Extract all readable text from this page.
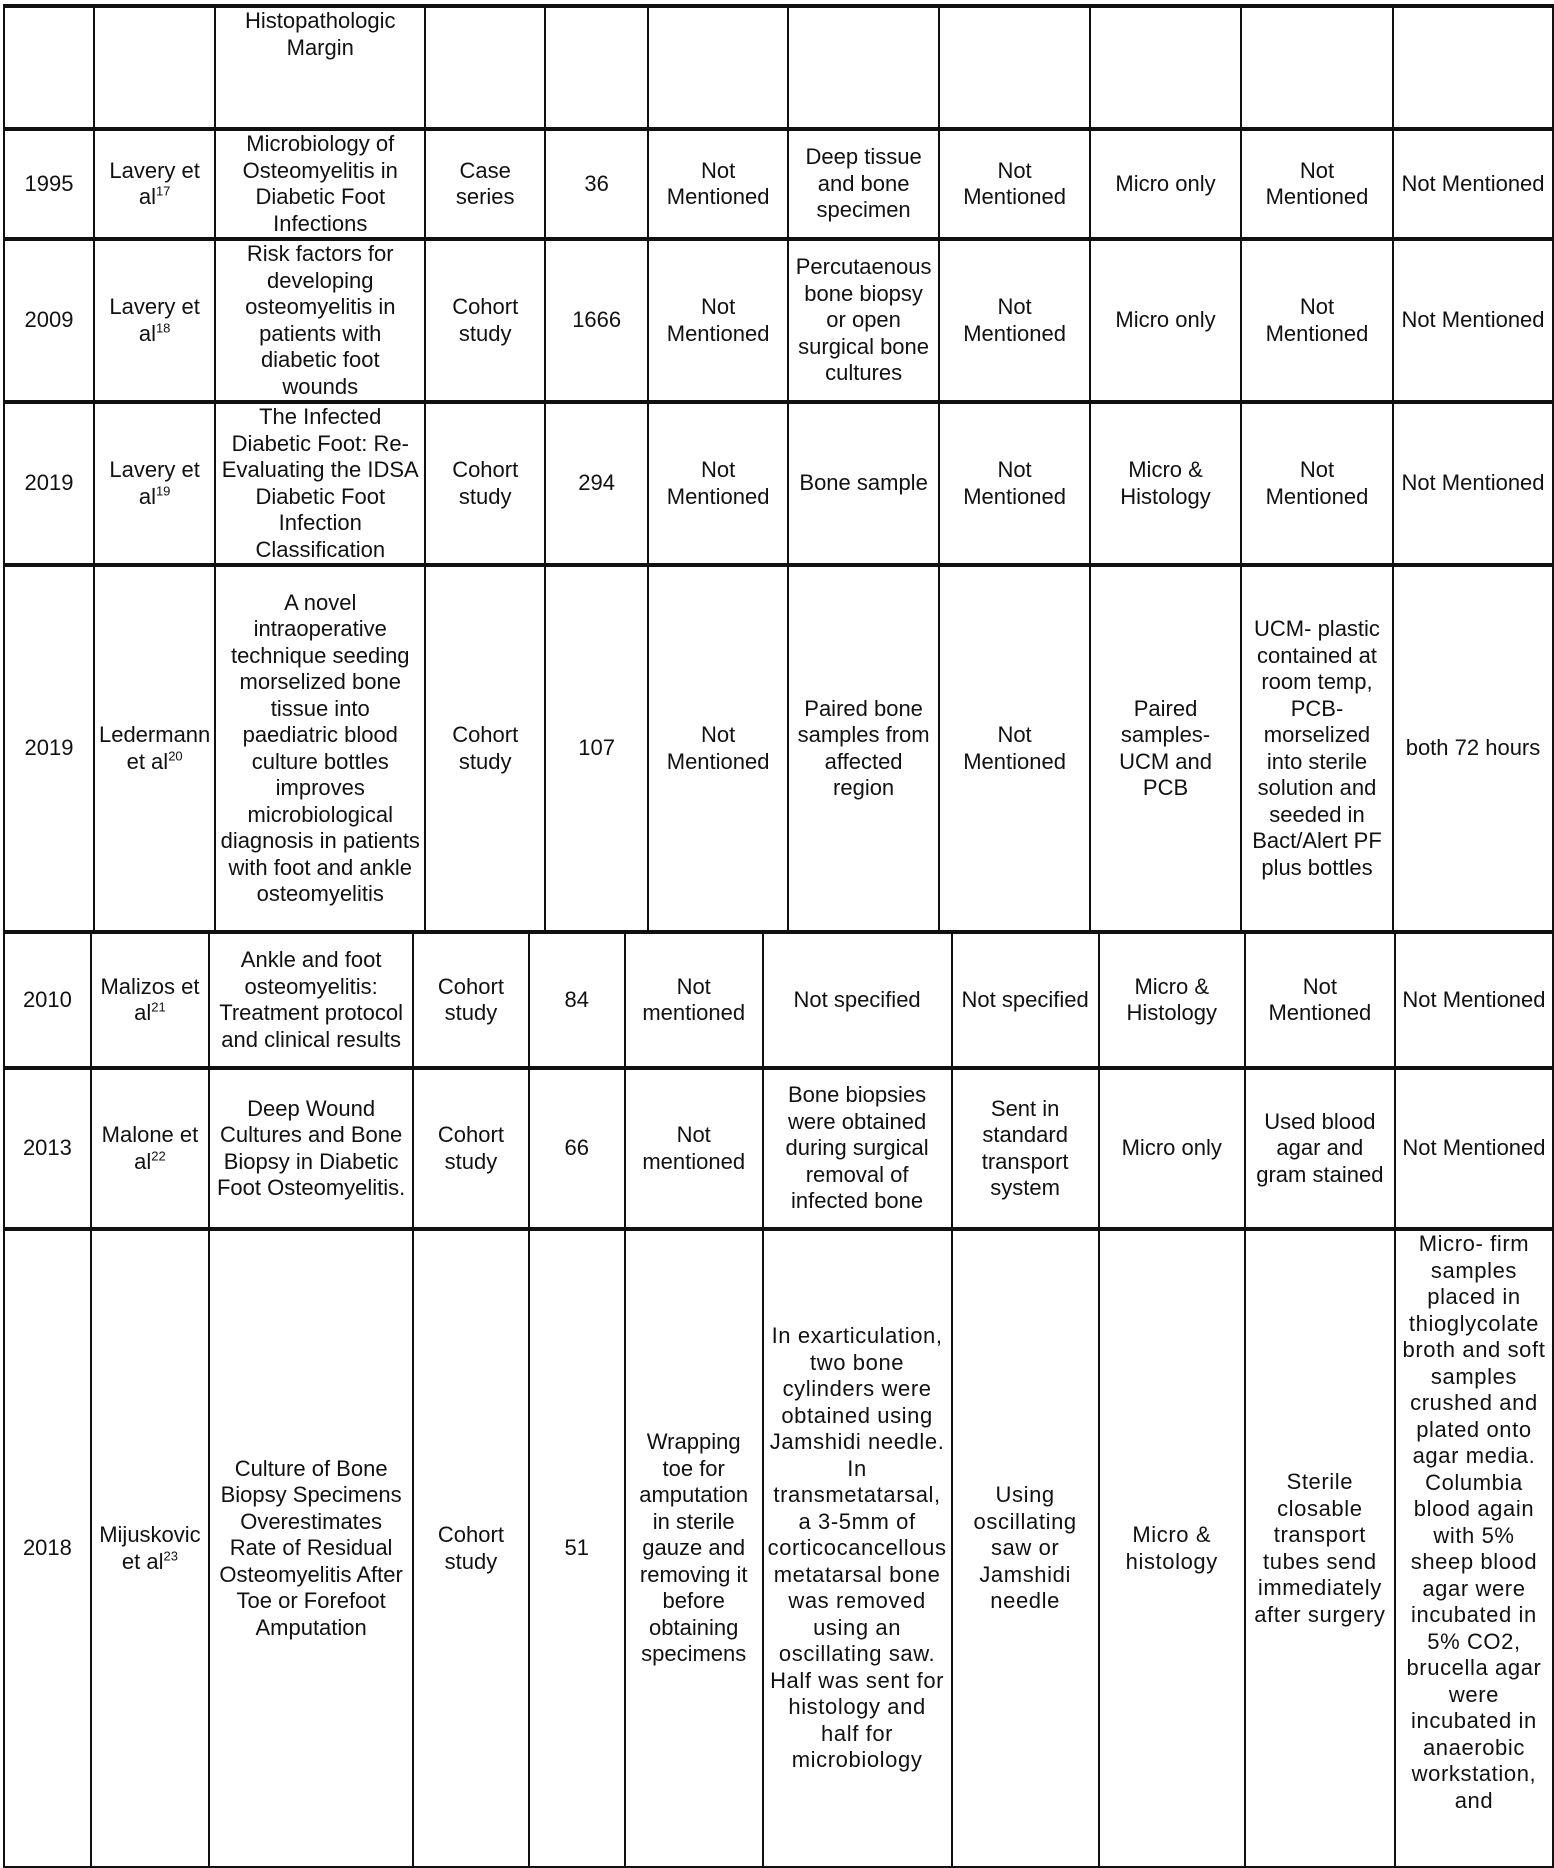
		Histopathologic Margin								
1995	Lavery et al$^{17}$	Microbiology of Osteomyelitis in Diabetic Foot Infections	Case series	36	Not Mentioned	Deep tissue and bone specimen	Not Mentioned	Micro only	Not Mentioned	Not Mentioned
2009	Lavery et al$^{18}$	Risk factors for developing osteomyelitis in patients with diabetic foot wounds	Cohort study	1666	Not Mentioned	Percutaenous bone biopsy or open surgical bone cultures	Not Mentioned	Micro only	Not Mentioned	Not Mentioned
2019	Lavery et al$^{19}$	The Infected Diabetic Foot: Re-Evaluating the IDSA Diabetic Foot Infection Classification	Cohort study	294	Not Mentioned	Bone sample	Not Mentioned	Micro & Histology	Not Mentioned	Not Mentioned
2019	Ledermann et al$^{20}$	A novel intraoperative technique seeding morselized bone tissue into paediatric blood culture bottles improves microbiological diagnosis in patients with foot and ankle osteomyelitis	Cohort study	107	Not Mentioned	Paired bone samples from affected region	Not Mentioned	Paired samples- UCM and PCB	UCM- plastic contained at room temp, PCB- morselized into sterile solution and seeded in Bact/Alert PF plus bottles	both 72 hours
2010	Malizos et al$^{21}$	Ankle and foot osteomyelitis: Treatment protocol and clinical results	Cohort study	84	Not mentioned	Not specified	Not specified	Micro & Histology	Not Mentioned	Not Mentioned
2013	Malone et al$^{22}$	Deep Wound Cultures and Bone Biopsy in Diabetic Foot Osteomyelitis.	Cohort study	66	Not mentioned	Bone biopsies were obtained during surgical removal of infected bone	Sent in standard transport system	Micro only	Used blood agar and gram stained	Not Mentioned
2018	Mijuskovic et al$^{23}$	Culture of Bone Biopsy Specimens Overestimates Rate of Residual Osteomyelitis After Toe or Forefoot Amputation	Cohort study	51	Wrapping toe for amputation in sterile gauze and removing it before obtaining specimens	In exarticulation, two bone cylinders were obtained using Jamshidi needle. In transmetatarsal, a 3-5mm of corticocancellous metatarsal bone was removed using an oscillating saw. Half was sent for histology and half for microbiology	Using oscillating saw or Jamshidi needle	Micro & histology	Sterile closable transport tubes send immediately after surgery	Micro- firm samples placed in thioglycolate broth and soft samples crushed and plated onto agar media. Columbia blood again with 5% sheep blood agar were incubated in 5% CO2, brucella agar were incubated in anaerobic workstation, and
